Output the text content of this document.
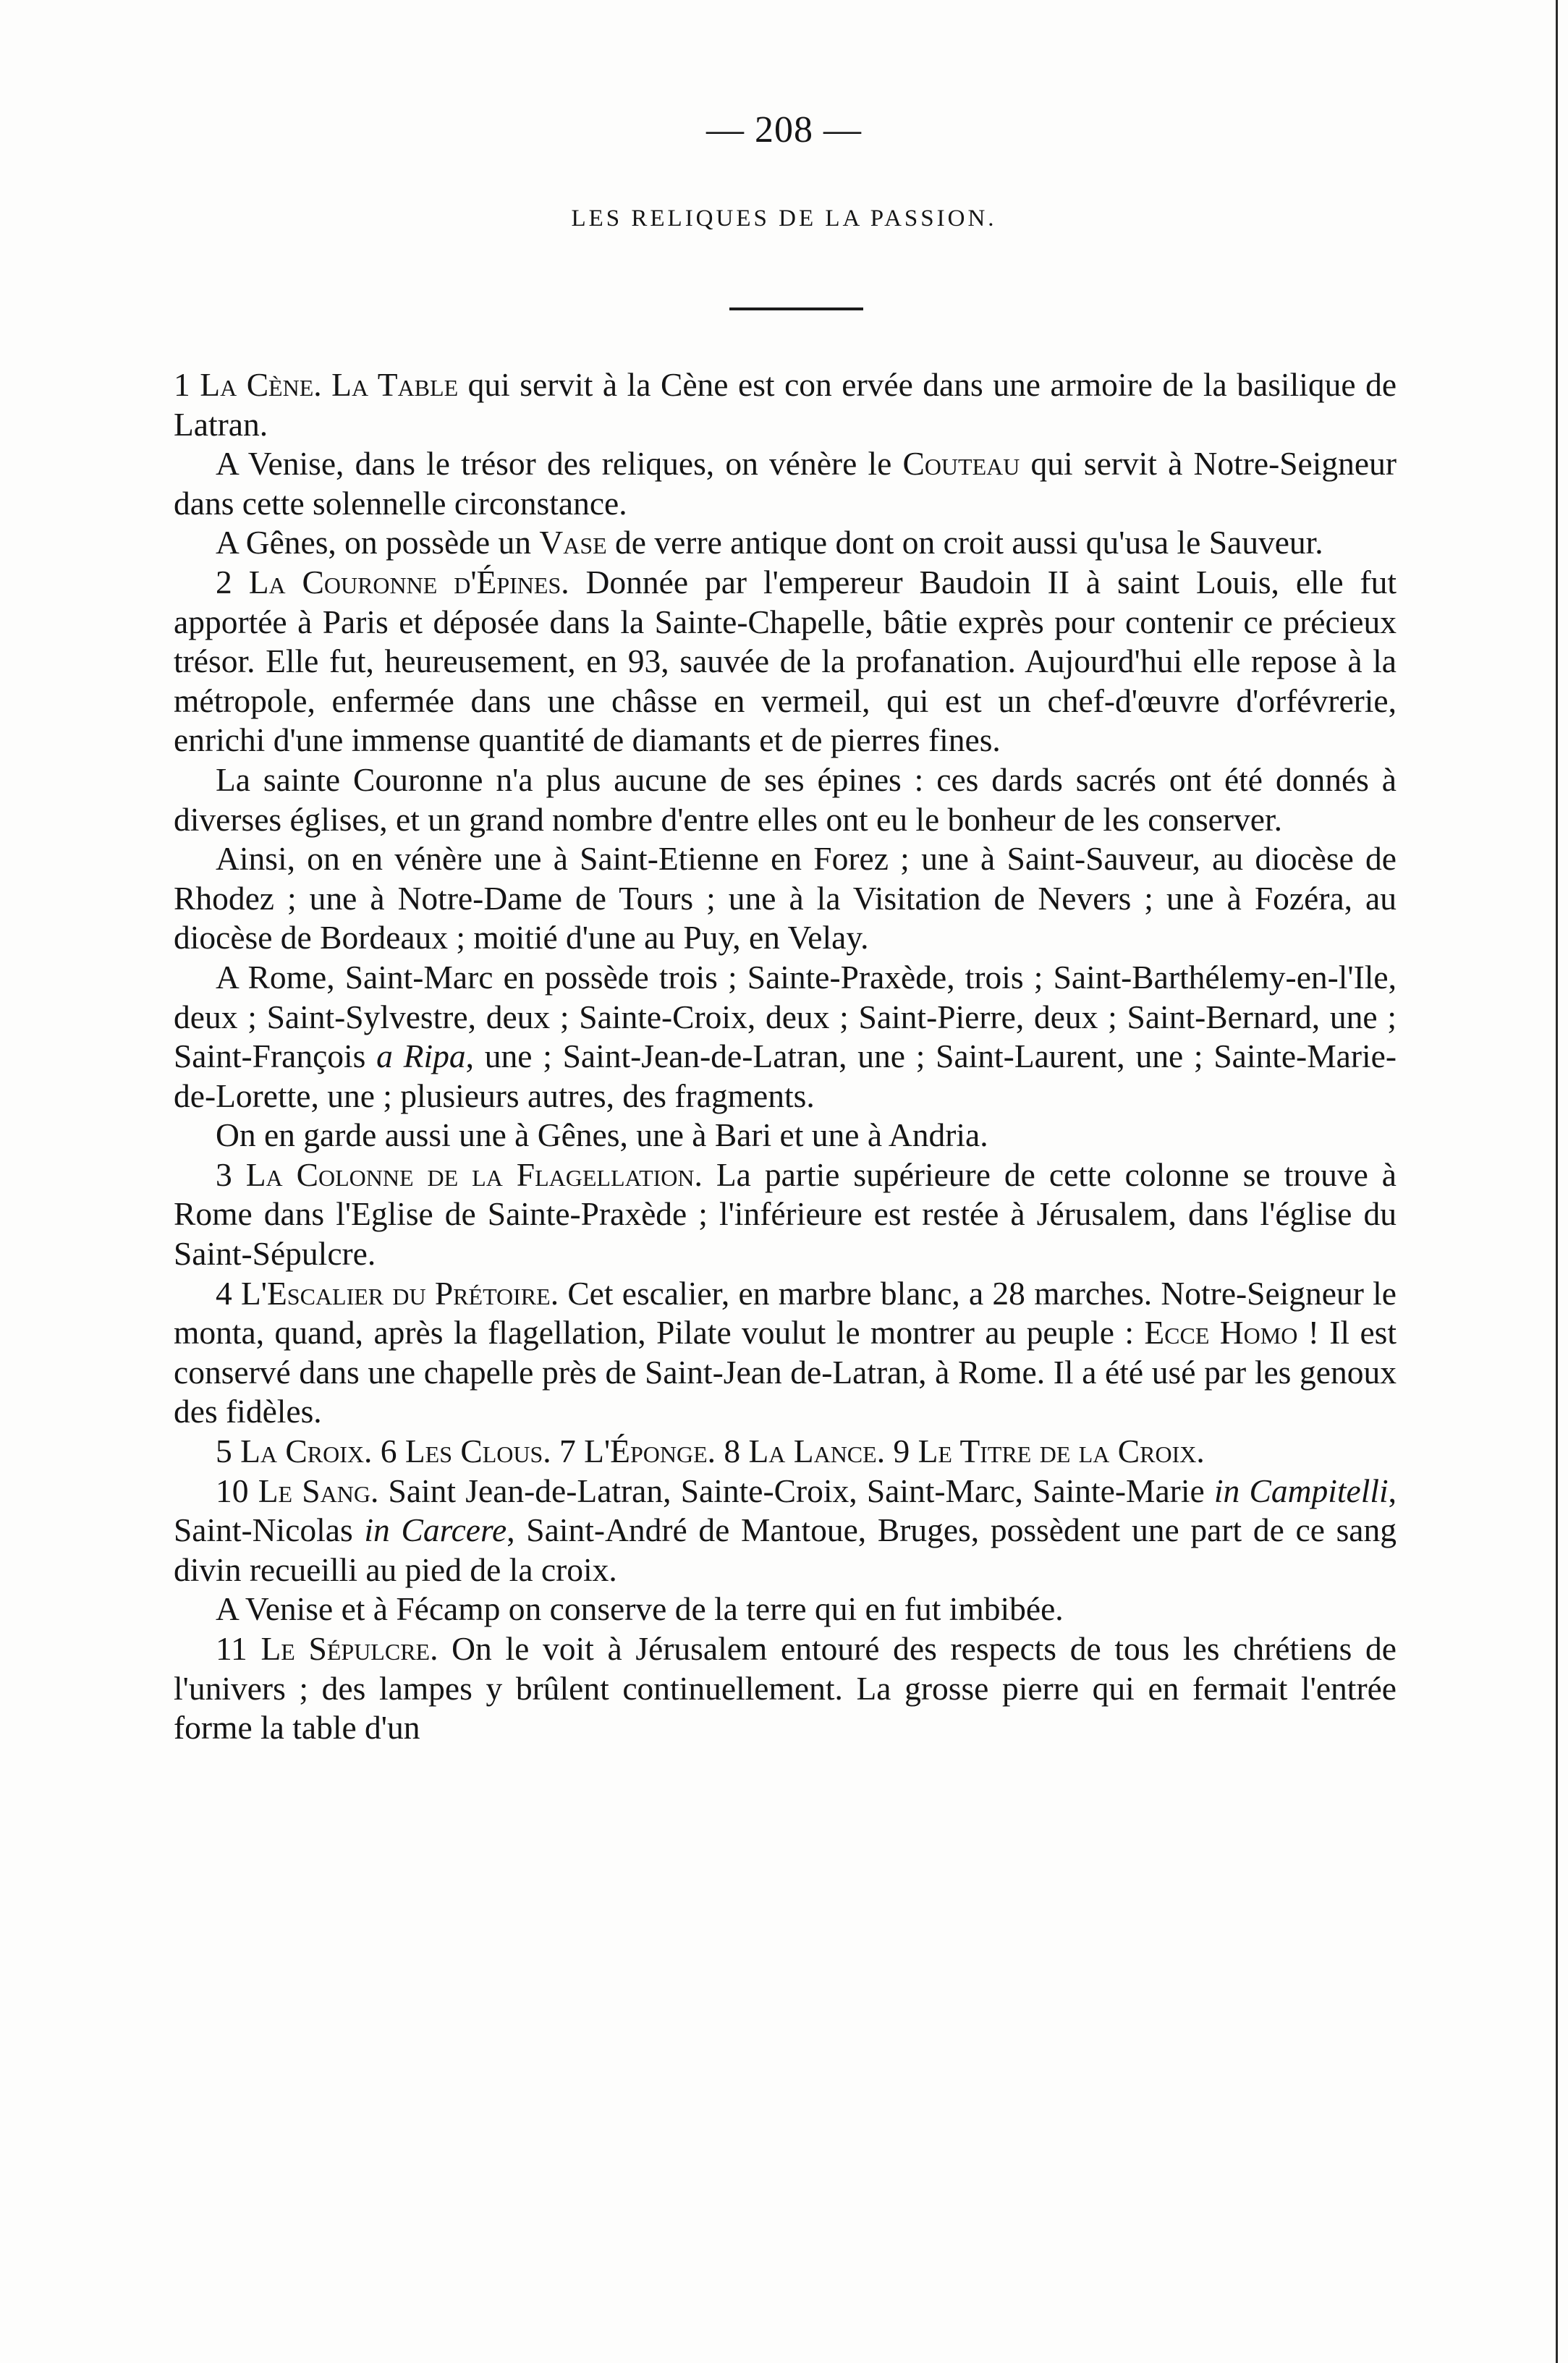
— 208 —
LES RELIQUES DE LA PASSION.

1 La Cène. La Table qui servit à la Cène est con ervée dans une armoire de la basilique de Latran.

A Venise, dans le trésor des reliques, on vénère le Couteau qui servit à Notre-Seigneur dans cette solennelle circonstance.

A Gênes, on possède un Vase de verre antique dont on croit aussi qu'usa le Sauveur.

2 La Couronne d'Épines. Donnée par l'empereur Baudoin II à saint Louis, elle fut apportée à Paris et déposée dans la Sainte-Chapelle, bâtie exprès pour contenir ce précieux trésor. Elle fut, heureusement, en 93, sauvée de la profanation. Aujourd'hui elle repose à la métropole, enfermée dans une châsse en vermeil, qui est un chef-d'œuvre d'orfévrerie, enrichi d'une immense quantité de diamants et de pierres fines.

La sainte Couronne n'a plus aucune de ses épines : ces dards sacrés ont été donnés à diverses églises, et un grand nombre d'entre elles ont eu le bonheur de les conserver.

Ainsi, on en vénère une à Saint-Etienne en Forez ; une à Saint-Sauveur, au diocèse de Rhodez ; une à Notre-Dame de Tours ; une à la Visitation de Nevers ; une à Fozéra, au diocèse de Bordeaux ; moitié d'une au Puy, en Velay.

A Rome, Saint-Marc en possède trois ; Sainte-Praxède, trois ; Saint-Barthélemy-en-l'Ile, deux ; Saint-Sylvestre, deux ; Sainte-Croix, deux ; Saint-Pierre, deux ; Saint-Bernard, une ; Saint-François a Ripa, une ; Saint-Jean-de-Latran, une ; Saint-Laurent, une ; Sainte-Marie-de-Lorette, une ; plusieurs autres, des fragments.

On en garde aussi une à Gênes, une à Bari et une à Andria.

3 La Colonne de la Flagellation. La partie supérieure de cette colonne se trouve à Rome dans l'Eglise de Sainte-Praxède ; l'inférieure est restée à Jérusalem, dans l'église du Saint-Sépulcre.

4 L'Escalier du Prétoire. Cet escalier, en marbre blanc, a 28 marches. Notre-Seigneur le monta, quand, après la flagellation, Pilate voulut le montrer au peuple : Ecce Homo ! Il est conservé dans une chapelle près de Saint-Jean de-Latran, à Rome. Il a été usé par les genoux des fidèles.

5 La Croix. 6 Les Clous. 7 L'Éponge. 8 La Lance. 9 Le Titre de la Croix.

10 Le Sang. Saint Jean-de-Latran, Sainte-Croix, Saint-Marc, Sainte-Marie in Campitelli, Saint-Nicolas in Carcere, Saint-André de Mantoue, Bruges, possèdent une part de ce sang divin recueilli au pied de la croix.

A Venise et à Fécamp on conserve de la terre qui en fut imbibée.

11 Le Sépulcre. On le voit à Jérusalem entouré des respects de tous les chrétiens de l'univers ; des lampes y brûlent continuellement. La grosse pierre qui en fermait l'entrée forme la table d'un
